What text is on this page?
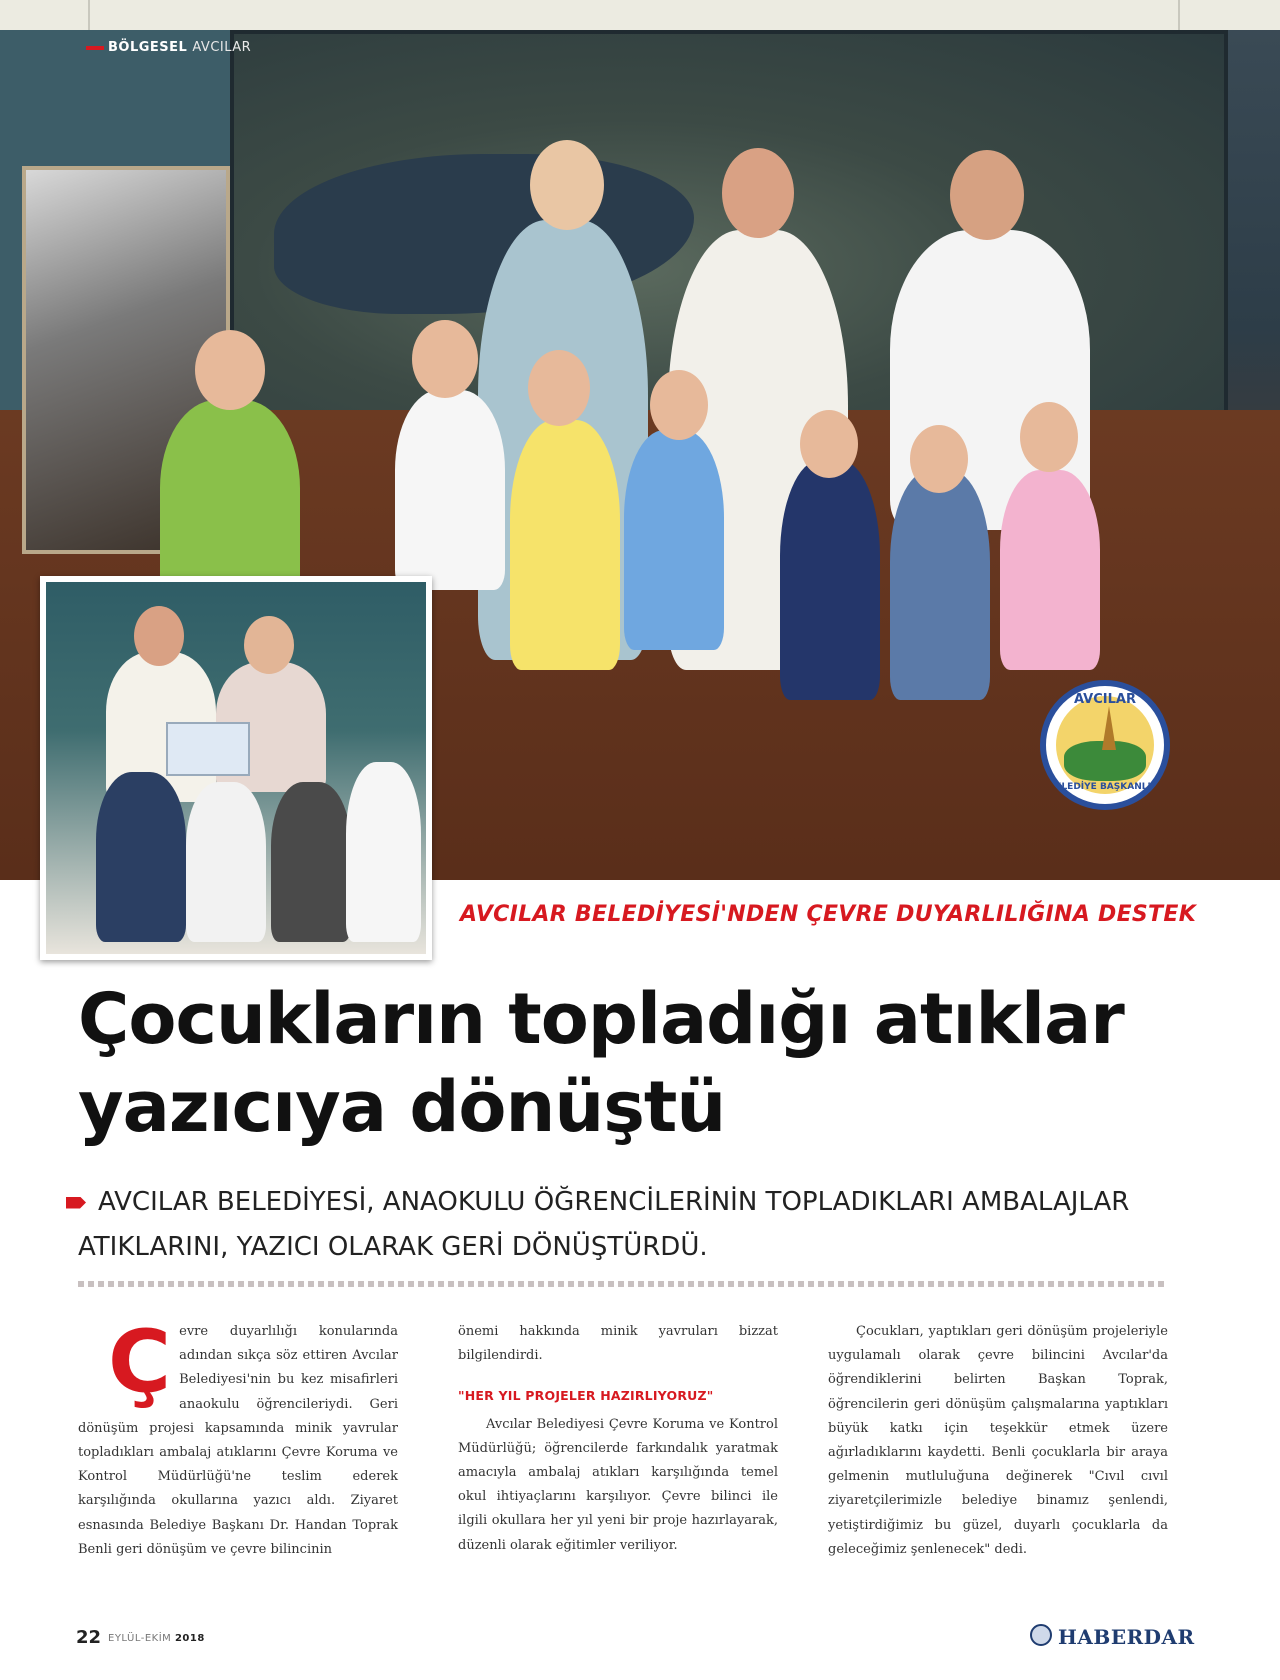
BÖLGESEL AVCILAR
AVCILAR
BELEDİYE BAŞKANLIĞI
AVCILAR BELEDİYESİ'NDEN ÇEVRE DUYARLILIĞINA DESTEK
Çocukların topladığı atıklar
yazıcıya dönüştü
AVCILAR BELEDİYESİ, ANAOKULU ÖĞRENCİLERİNİN TOPLADIKLARI AMBALAJLAR
ATIKLARINI, YAZICI OLARAK GERİ DÖNÜŞTÜRDÜ.
Ç evre duyarlılığı konularında adından sıkça söz ettiren Avcılar Belediyesi'nin bu kez misafirleri anaokulu öğrencileriydi. Geri dönüşüm projesi kapsamında minik yavrular topladıkları ambalaj atıklarını Çevre Koruma ve Kontrol Müdürlüğü'ne teslim ederek karşılığında okullarına yazıcı aldı. Ziyaret esnasında Belediye Başkanı Dr. Handan Toprak Benli geri dönüşüm ve çevre bilincinin

önemi hakkında minik yavruları bizzat bilgilendirdi.

"HER YIL PROJELER HAZIRLIYORUZ"

Avcılar Belediyesi Çevre Koruma ve Kontrol Müdürlüğü; öğrencilerde farkındalık yaratmak amacıyla ambalaj atıkları karşılığında temel okul ihtiyaçlarını karşılıyor. Çevre bilinci ile ilgili okullara her yıl yeni bir proje hazırlayarak, düzenli olarak eğitimler veriliyor.

Çocukları, yaptıkları geri dönüşüm projeleriyle uygulamalı olarak çevre bilincini Avcılar'da öğrendiklerini belirten Başkan Toprak, öğrencilerin geri dönüşüm çalışmalarına yaptıkları büyük katkı için teşekkür etmek üzere ağırladıklarını kaydetti. Benli çocuklarla bir araya gelmenin mutluluğuna değinerek "Cıvıl cıvıl ziyaretçilerimizle belediye binamız şenlendi, yetiştirdiğimiz bu güzel, duyarlı çocuklarla da geleceğimiz şenlenecek" dedi.

22 EYLÜL-EKİM 2018	HABERDAR
